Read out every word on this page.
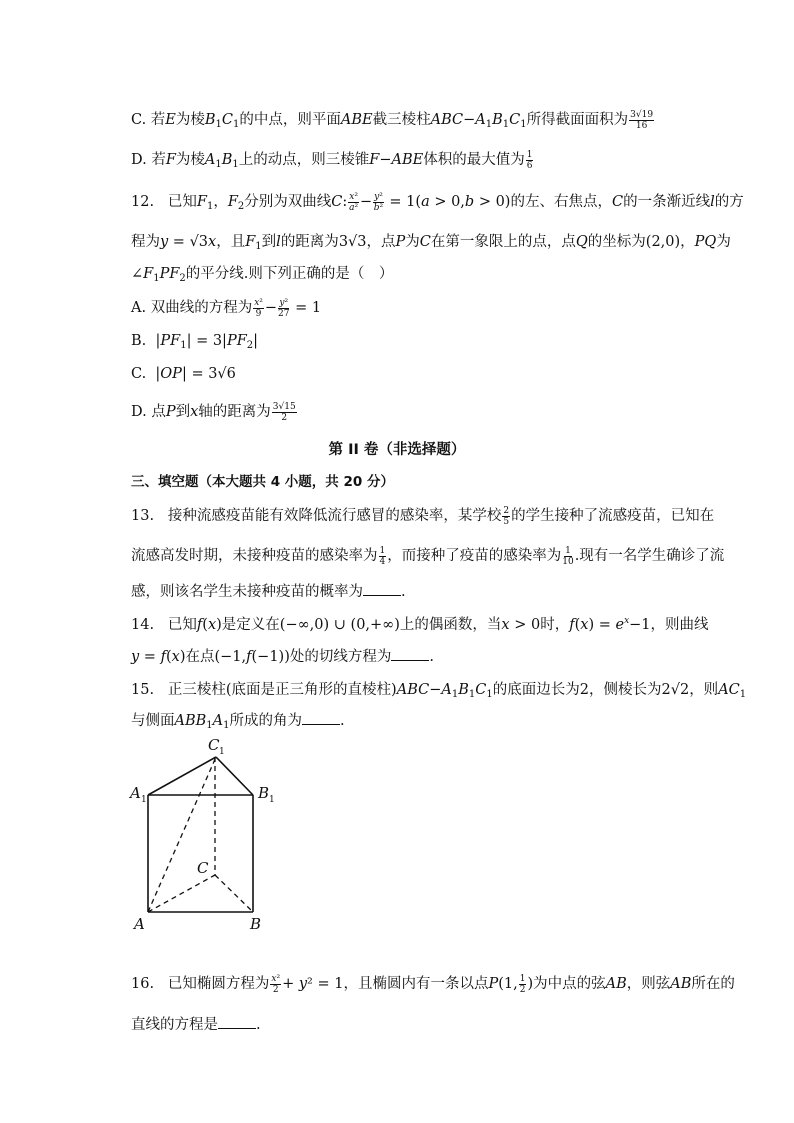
C. 若E为棱$B_1C_1$的中点，则平面ABE截三棱柱$ABC-A_1B_1C_1$所得截面面积为 $\frac{3√19}{16}$
D. 若F为棱$A_1B_1$上的动点，则三棱锥F−ABE体积的最大值为 $\frac{1}{6}$
12. 已知$F_1$，$F_2$分别为双曲线C: $\frac{\text{x²}}{\text{a²}} - \frac{\text{y²}}{\text{b²}} = 1(a > 0,b > 0)$的左、右焦点，C的一条渐近线l的方
程为y = √3x，且$F_1$到l的距离为3√3，点P为C在第一象限上的点，点Q的坐标为(2,0)，PQ为
$\angle F_1PF_2$的平分线.则下列正确的是（　）
A. 双曲线的方程为 $\frac{\text{x²}}{9} - \frac{\text{y²}}{27} = 1$
B.  $|PF_1| = 3|PF_2|$
C.  |OP| = 3√6
D. 点P到x轴的距离为 $\frac{3√15}{2}$
第 II 卷（非选择题）
三、填空题（本大题共 4 小题，共 20 分）
13. 接种流感疫苗能有效降低流行感冒的感染率，某学校 $\frac{2}{5}$ 的学生接种了流感疫苗，已知在
流感高发时期，未接种疫苗的感染率为 $\frac{1}{4}$ ，而接种了疫苗的感染率为 $\frac{1}{10}$ .现有一名学生确诊了流
感，则该名学生未接种疫苗的概率为	.
14. 已知f(x)是定义在(−∞,0) ∪ (0,+∞)上的偶函数，当x > 0时，$f(x) = e^x-1$，则曲线
y = f(x)在点(−1,f(−1))处的切线方程为	.
15. 正三棱柱(底面是正三角形的直棱柱)$ABC-A_1B_1C_1$的底面边长为2，侧棱长为2√2，则$AC_1$
与侧面$ABB_1A_1$所成的角为	.
C 1
A 1	B 1
C
A	B
16. 已知椭圆方程为 $\frac{\text{x²}}{2} + y^2 = 1$，且椭圆内有一条以点P(1, $\frac{1}{2}$ )为中点的弦AB，则弦AB所在的
直线的方程是	.
